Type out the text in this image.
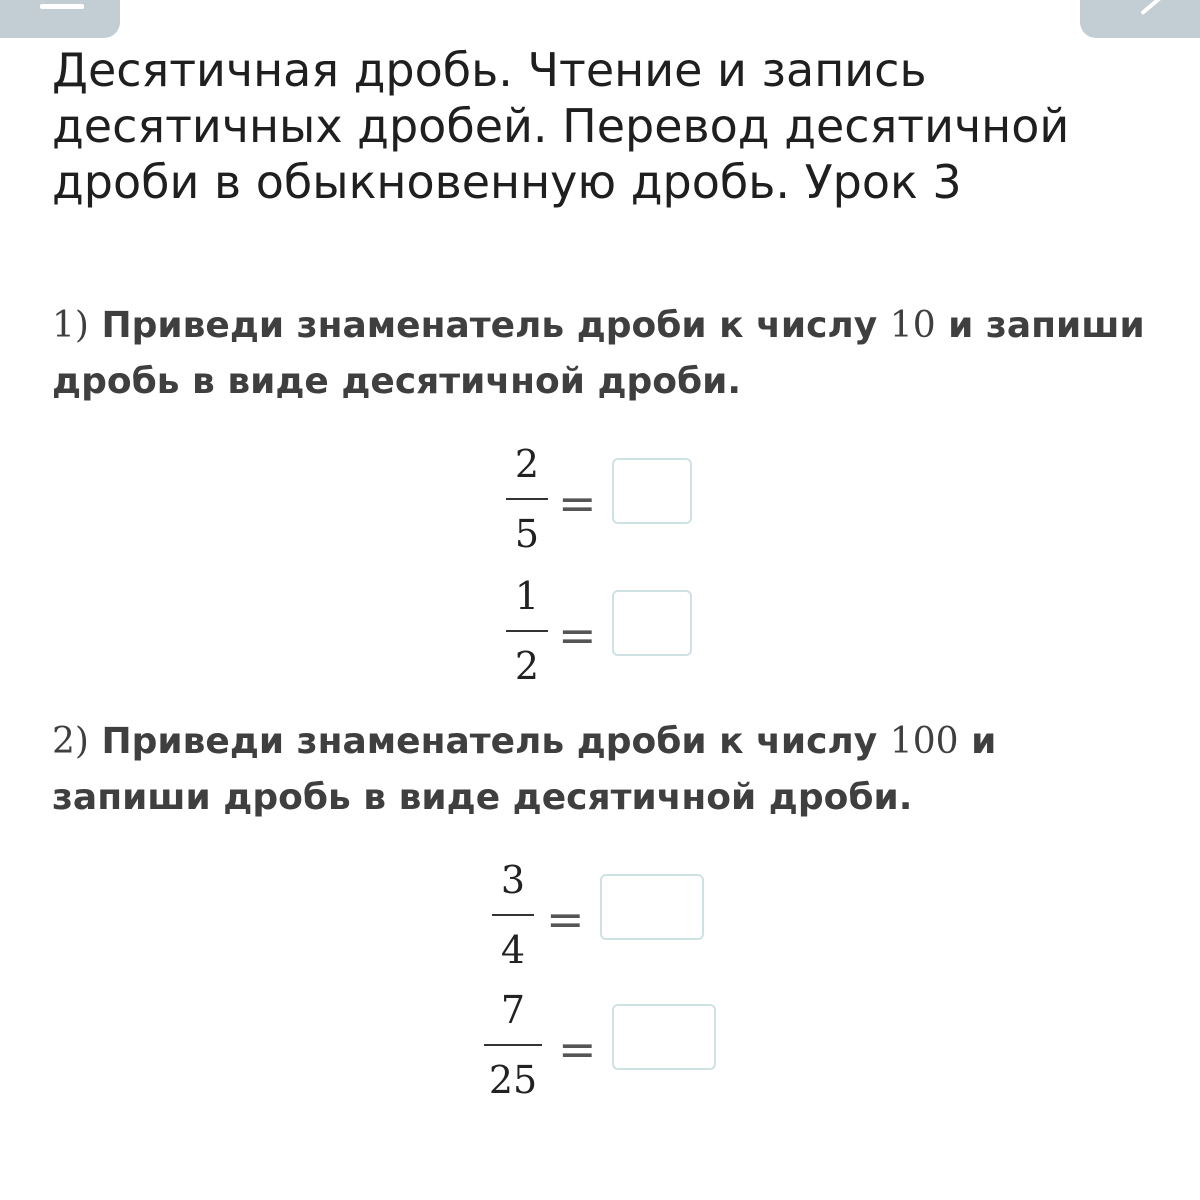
Десятичная дробь. Чтение и запись десятичных дробей. Перевод десятичной дроби в обыкновенную дробь. Урок 3
1) Приведи знаменатель дроби к числу 10 и запиши дробь в виде десятичной дроби.
2
5
=
1
2
=
2) Приведи знаменатель дроби к числу 100 и запиши дробь в виде десятичной дроби.
3
4
=
7
25
=
